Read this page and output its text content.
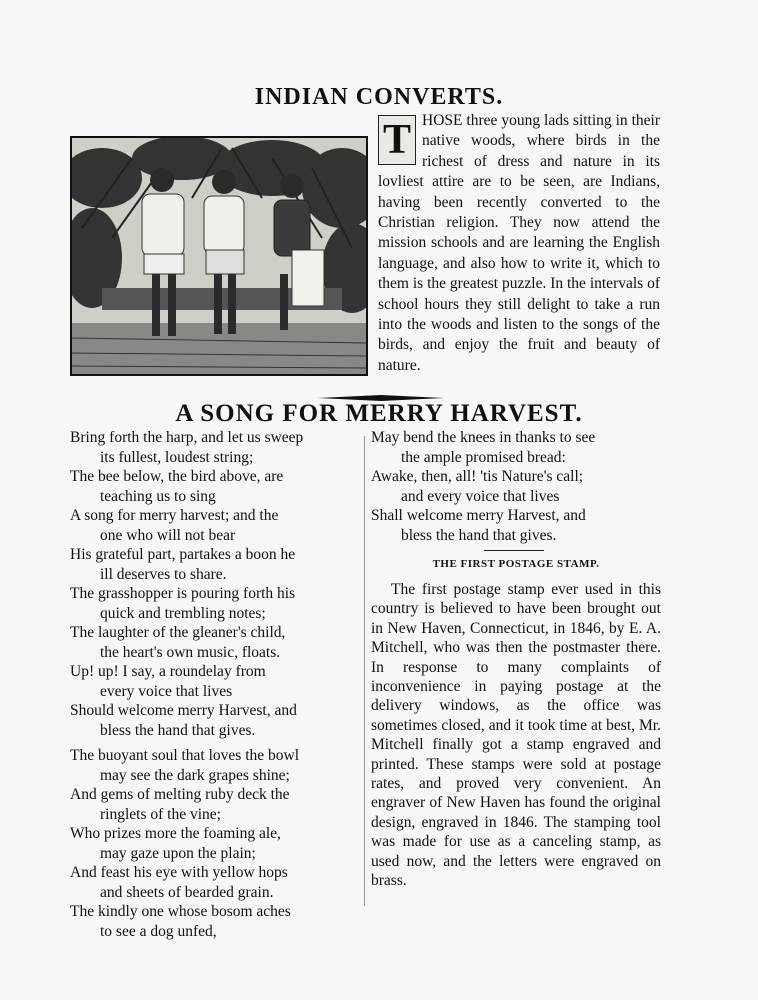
INDIAN CONVERTS.
T HOSE three young lads sitting in their native woods, where birds in the richest of dress and nature in its lovliest attire are to be seen, are Indians, having been recently converted to the Christian religion. They now attend the mission schools and are learning the English language, and also how to write it, which to them is the greatest puzzle. In the intervals of school hours they still delight to take a run into the woods and listen to the songs of the birds, and enjoy the fruit and beauty of nature.
A SONG FOR MERRY HARVEST.
Bring forth the harp, and let us sweep
its fullest, loudest string;
The bee below, the bird above, are
teaching us to sing
A song for merry harvest; and the
one who will not bear
His grateful part, partakes a boon he
ill deserves to share.
The grasshopper is pouring forth his
quick and trembling notes;
The laughter of the gleaner's child,
the heart's own music, floats.
Up! up! I say, a roundelay from
every voice that lives
Should welcome merry Harvest, and
bless the hand that gives.
The buoyant soul that loves the bowl
may see the dark grapes shine;
And gems of melting ruby deck the
ringlets of the vine;
Who prizes more the foaming ale,
may gaze upon the plain;
And feast his eye with yellow hops
and sheets of bearded grain.
The kindly one whose bosom aches
to see a dog unfed,
May bend the knees in thanks to see
the ample promised bread:
Awake, then, all! 'tis Nature's call;
and every voice that lives
Shall welcome merry Harvest, and
bless the hand that gives.
THE FIRST POSTAGE STAMP.
The first postage stamp ever used in this country is believed to have been brought out in New Haven, Connecticut, in 1846, by E. A. Mitchell, who was then the postmaster there. In response to many complaints of inconvenience in paying postage at the delivery windows, as the office was sometimes closed, and it took time at best, Mr. Mitchell finally got a stamp engraved and printed. These stamps were sold at postage rates, and proved very convenient. An engraver of New Haven has found the original design, engraved in 1846. The stamping tool was made for use as a canceling stamp, as used now, and the letters were engraved on brass.
